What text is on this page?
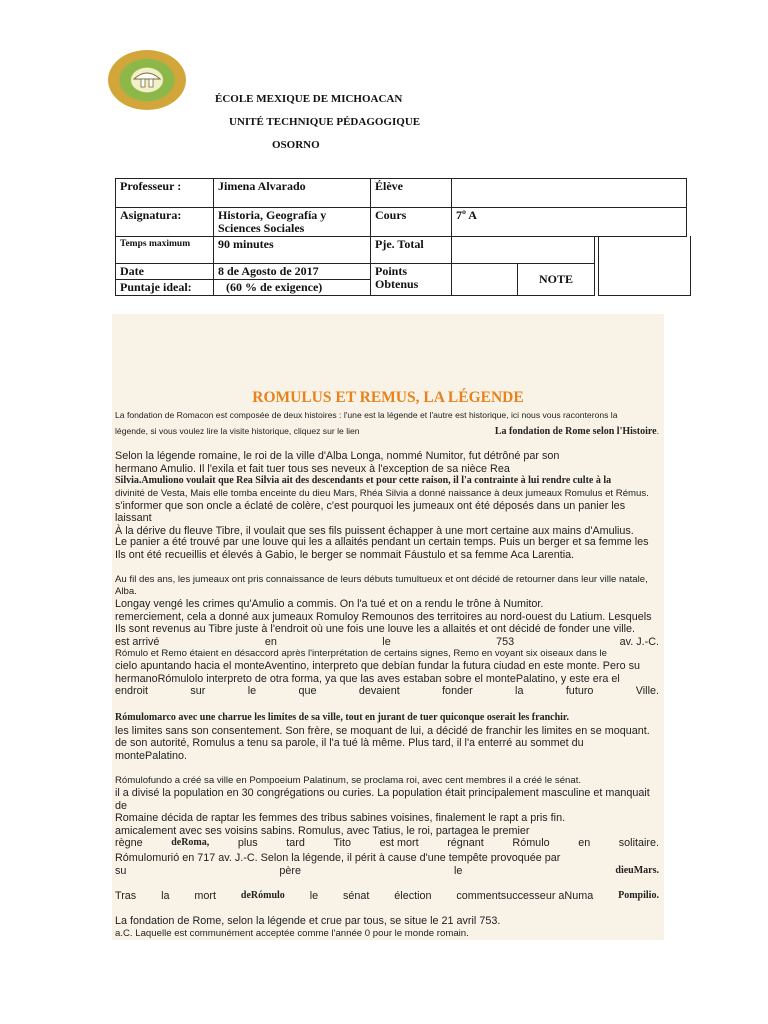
ÉCOLE MEXIQUE DE MICHOACAN
UNITÉ TECHNIQUE PÉDAGOGIQUE
OSORNO
Professeur :	Jimena Alvarado	Élève			
Asignatura:	Historia, Geografía y Sciences Sociales	Cours	7º A		
Temps maximum	90 minutes	Pje. Total			
Date	8 de Agosto de 2017	Points Obtenus		NOTE	
Puntaje ideal:	(60 % de exigence)				
ROMULUS ET REMUS, LA LÉGENDE
La fondation de Romacon est composée de deux histoires : l'une est la légende et l'autre est historique, ici nous vous raconterons la
légende, si vous voulez lire la visite historique, cliquez sur le lien	La fondation de Rome selon l'Histoire.
Selon la légende romaine, le roi de la ville d'Alba Longa, nommé Numitor, fut détrôné par son
hermano Amulio. Il l'exila et fait tuer tous ses neveux à l'exception de sa nièce Rea
Silvia.Amuliono voulait que Rea Silvia ait des descendants et pour cette raison, il l'a contrainte à lui rendre culte à la
divinité de Vesta, Mais elle tomba enceinte du dieu Mars, Rhéa Silvia a donné naissance à deux jumeaux Romulus et Rémus.
s'informer que son oncle a éclaté de colère, c'est pourquoi les jumeaux ont été déposés dans un panier les laissant
À la dérive du fleuve Tibre, il voulait que ses fils puissent échapper à une mort certaine aux mains d'Amulius.
Le panier a été trouvé par une louve qui les a allaités pendant un certain temps. Puis un berger et sa femme les
Ils ont été recueillis et élevés à Gabio, le berger se nommait Fáustulo et sa femme Aca Larentia.
Au fil des ans, les jumeaux ont pris connaissance de leurs débuts tumultueux et ont décidé de retourner dans leur ville natale, Alba.
Longay vengé les crimes qu'Amulio a commis. On l'a tué et on a rendu le trône à Numitor.
remerciement, cela a donné aux jumeaux Romuloy Remounos des territoires au nord-ouest du Latium. Lesquels
Ils sont revenus au Tibre juste à l'endroit où une fois une louve les a allaités et ont décidé de fonder une ville.
est arrivé	en	le	753	av. J.-C.
Rómulo et Remo étaient en désaccord après l'interprétation de certains signes, Remo en voyant six oiseaux dans le
cielo apuntando hacia el monteAventino, interpreto que debían fundar la futura ciudad en este monte. Pero su
hermanoRómulolo interpreto de otra forma, ya que las aves estaban sobre el montePalatino, y este era el
endroit	sur	le	que	devaient	fonder	la	futuro	Ville.
Rómulomarco avec une charrue les limites de sa ville, tout en jurant de tuer quiconque oserait les franchir.
les limites sans son consentement. Son frère, se moquant de lui, a décidé de franchir les limites en se moquant.
de son autorité, Romulus a tenu sa parole, il l'a tué là même. Plus tard, il l'a enterré au sommet du
montePalatino.
Rómulofundo a créé sa ville en Pompoeium Palatinum, se proclama roi, avec cent membres il a créé le sénat.
il a divisé la population en 30 congrégations ou curies. La population était principalement masculine et manquait de
Romaine décida de raptar les femmes des tribus sabines voisines, finalement le rapt a pris fin.
amicalement avec ses voisins sabins. Romulus, avec Tatius, le roi, partagea le premier
règne	deRoma,	plus	tard	Tito	est mort	régnant	Rómulo	en	solitaire.
Rómulomurió en 717 av. J.-C. Selon la légende, il périt à cause d'une tempête provoquée par
su	père	le	dieuMars.
Tras la mort deRómulo le sénat élection commentsuccesseur aNuma Pompilio.
La fondation de Rome, selon la légende et crue par tous, se situe le 21 avril 753.
a.C. Laquelle est communément acceptée comme l'année 0 pour le monde romain.
